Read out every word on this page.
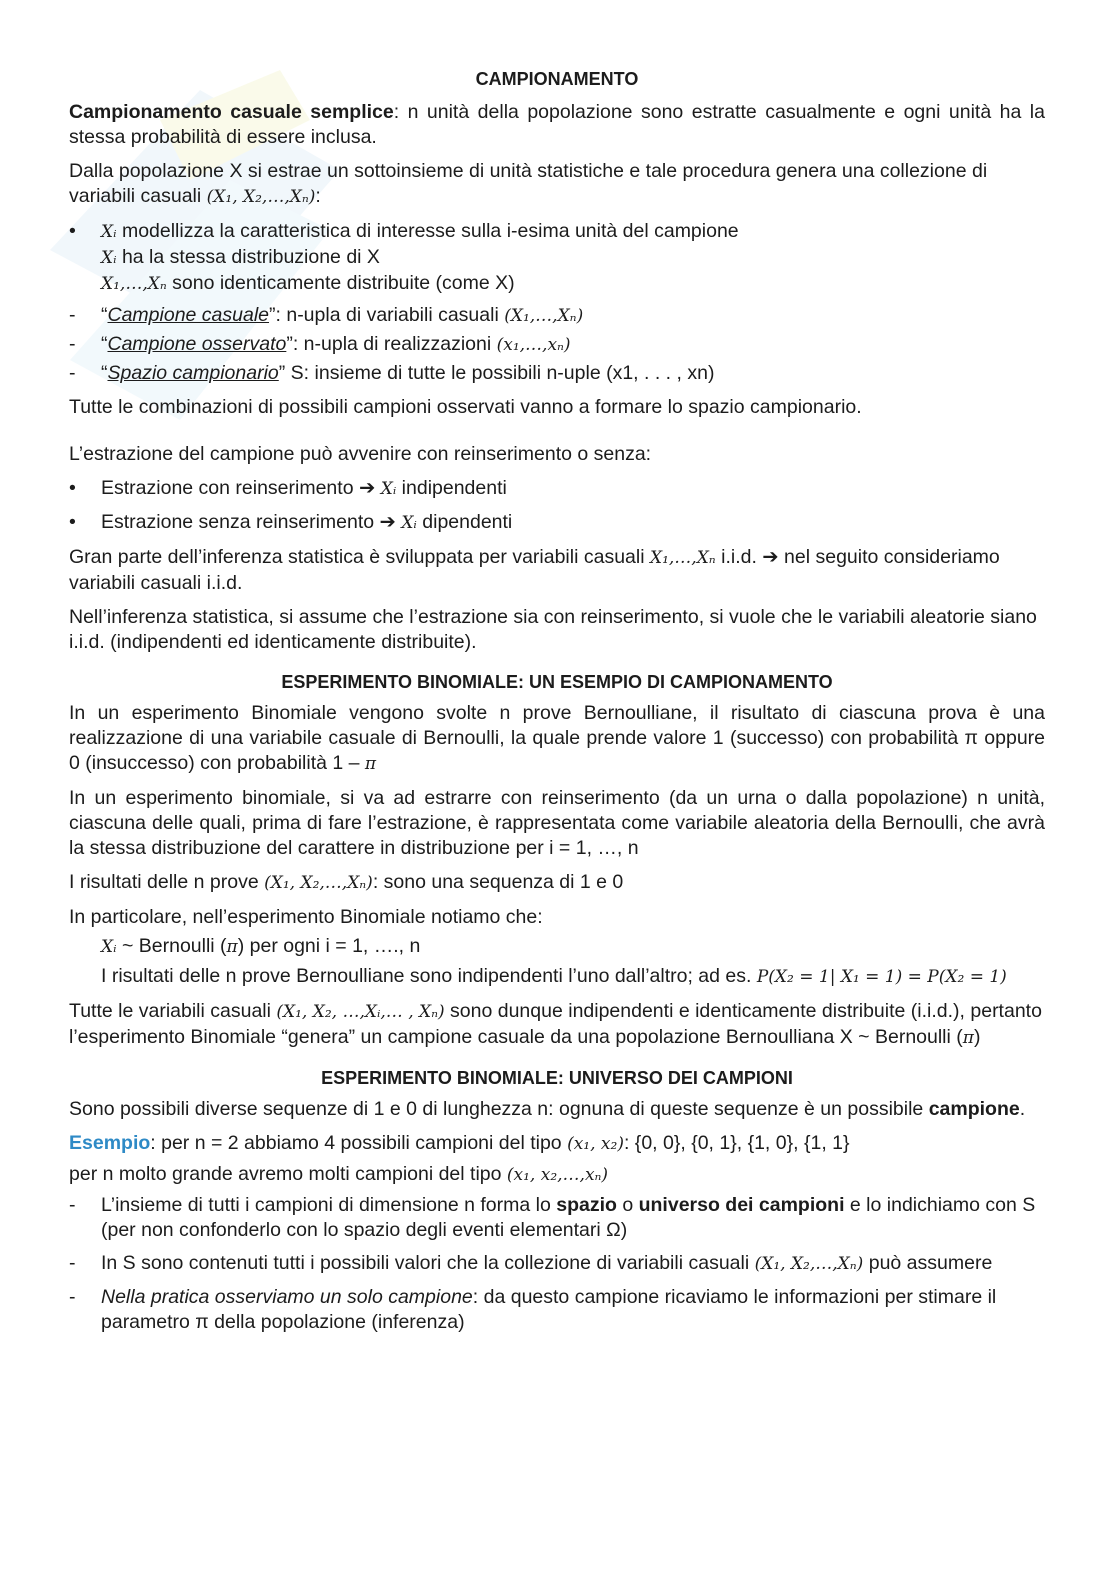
CAMPIONAMENTO

Campionamento casuale semplice: n unità della popolazione sono estratte casualmente e ogni unità ha la stessa probabilità di essere inclusa.

Dalla popolazione X si estrae un sottoinsieme di unità statistiche e tale procedura genera una collezione di variabili casuali (X₁, X₂,…,Xₙ):

•	Xᵢ modellizza la caratteristica di interesse sulla i-esima unità del campione
Xᵢ ha la stessa distribuzione di X
X₁,…,Xₙ sono identicamente distribuite (come X)
-	“Campione casuale”: n-upla di variabili casuali (X₁,…,Xₙ)
-	“Campione osservato”: n-upla di realizzazioni (x₁,…,xₙ)
-	“Spazio campionario” S: insieme di tutte le possibili n-uple (x1, . . . , xn)

Tutte le combinazioni di possibili campioni osservati vanno a formare lo spazio campionario.

L’estrazione del campione può avvenire con reinserimento o senza:

•	Estrazione con reinserimento ➔ Xᵢ indipendenti
•	Estrazione senza reinserimento ➔ Xᵢ dipendenti

Gran parte dell’inferenza statistica è sviluppata per variabili casuali X₁,…,Xₙ i.i.d. ➔ nel seguito consideriamo variabili casuali i.i.d.

Nell’inferenza statistica, si assume che l’estrazione sia con reinserimento, si vuole che le variabili aleatorie siano i.i.d. (indipendenti ed identicamente distribuite).

ESPERIMENTO BINOMIALE: UN ESEMPIO DI CAMPIONAMENTO

In un esperimento Binomiale vengono svolte n prove Bernoulliane, il risultato di ciascuna prova è una realizzazione di una variabile casuale di Bernoulli, la quale prende valore 1 (successo) con probabilità π oppure 0 (insuccesso) con probabilità 1 – π

In un esperimento binomiale, si va ad estrarre con reinserimento (da un urna o dalla popolazione) n unità, ciascuna delle quali, prima di fare l’estrazione, è rappresentata come variabile aleatoria della Bernoulli, che avrà la stessa distribuzione del carattere in distribuzione per i = 1, …, n

I risultati delle n prove (X₁, X₂,…,Xₙ): sono una sequenza di 1 e 0

In particolare, nell’esperimento Binomiale notiamo che:

Xᵢ ~ Bernoulli (π) per ogni i = 1, …., n
I risultati delle n prove Bernoulliane sono indipendenti l’uno dall’altro; ad es. P(X₂ = 1| X₁ = 1) = P(X₂ = 1)

Tutte le variabili casuali (X₁, X₂, …,Xᵢ,… , Xₙ) sono dunque indipendenti e identicamente distribuite (i.i.d.), pertanto l’esperimento Binomiale “genera” un campione casuale da una popolazione Bernoulliana X ~ Bernoulli (π)

ESPERIMENTO BINOMIALE: UNIVERSO DEI CAMPIONI

Sono possibili diverse sequenze di 1 e 0 di lunghezza n: ognuna di queste sequenze è un possibile campione.

Esempio: per n = 2 abbiamo 4 possibili campioni del tipo (x₁, x₂): {0, 0}, {0, 1}, {1, 0}, {1, 1}

per n molto grande avremo molti campioni del tipo (x₁, x₂,…,xₙ)

-	L’insieme di tutti i campioni di dimensione n forma lo spazio o universo dei campioni e lo indichiamo con S (per non confonderlo con lo spazio degli eventi elementari Ω)
-	In S sono contenuti tutti i possibili valori che la collezione di variabili casuali (X₁, X₂,…,Xₙ) può assumere
-	Nella pratica osserviamo un solo campione: da questo campione ricaviamo le informazioni per stimare il parametro π della popolazione (inferenza)
